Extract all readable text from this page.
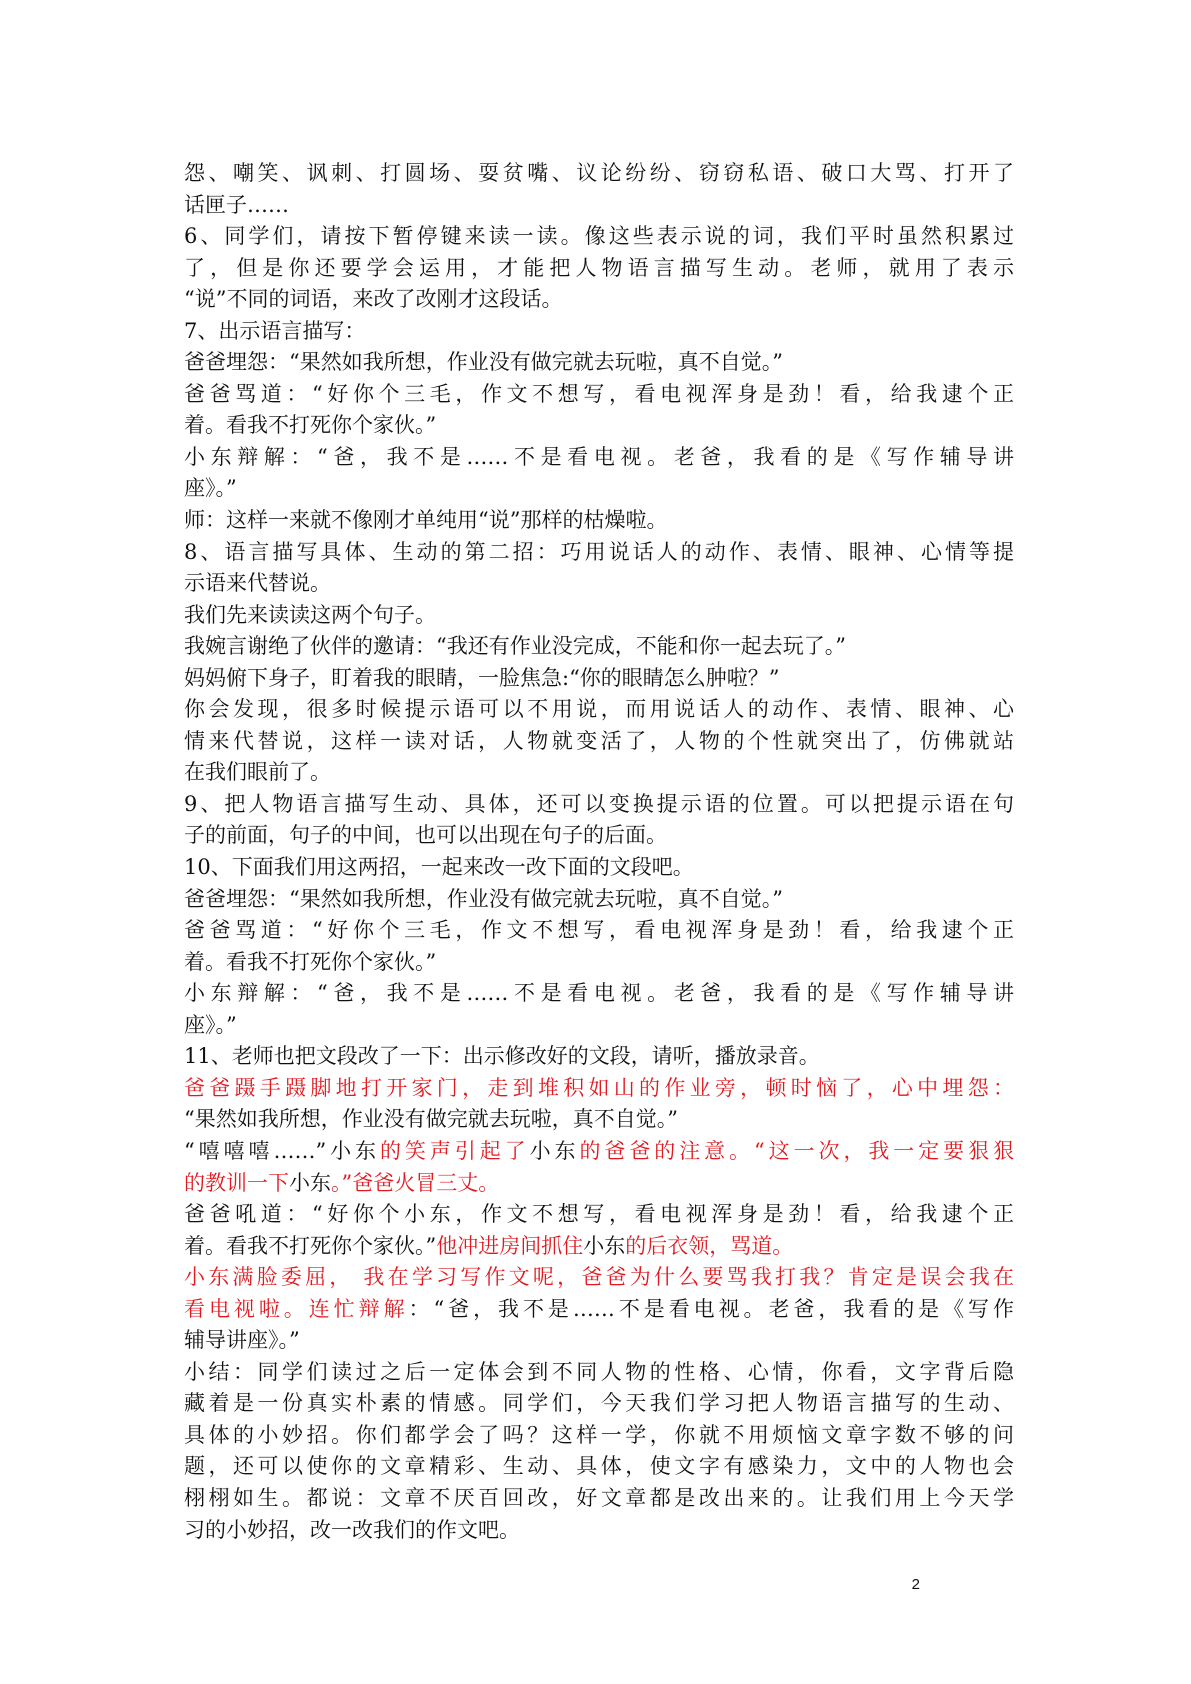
怨、嘲笑、讽刺、打圆场、耍贫嘴、议论纷纷、窃窃私语、破口大骂、打开了
话匣子……
6、同学们，请按下暂停键来读一读。像这些表示说的词，我们平时虽然积累过
了，但是你还要学会运用，才能把人物语言描写生动。老师，就用了表示
“说”不同的词语，来改了改刚才这段话。
7、出示语言描写：
爸爸埋怨：“果然如我所想，作业没有做完就去玩啦，真不自觉。”
爸爸骂道：“好你个三毛，作文不想写，看电视浑身是劲！看，给我逮个正
着。看我不打死你个家伙。”
小东辩解：“爸，我不是……不是看电视。老爸，我看的是《写作辅导讲
座》。”
师：这样一来就不像刚才单纯用“说”那样的枯燥啦。
8、语言描写具体、生动的第二招：巧用说话人的动作、表情、眼神、心情等提
示语来代替说。
我们先来读读这两个句子。
我婉言谢绝了伙伴的邀请：“我还有作业没完成，不能和你一起去玩了。”
妈妈俯下身子，盯着我的眼睛，一脸焦急:“你的眼睛怎么肿啦？”
你会发现，很多时候提示语可以不用说，而用说话人的动作、表情、眼神、心
情来代替说，这样一读对话，人物就变活了，人物的个性就突出了，仿佛就站
在我们眼前了。
9、把人物语言描写生动、具体，还可以变换提示语的位置。可以把提示语在句
子的前面，句子的中间，也可以出现在句子的后面。
10、下面我们用这两招，一起来改一改下面的文段吧。
爸爸埋怨：“果然如我所想，作业没有做完就去玩啦，真不自觉。”
爸爸骂道：“好你个三毛，作文不想写，看电视浑身是劲！看，给我逮个正
着。看我不打死你个家伙。”
小东辩解：“爸，我不是……不是看电视。老爸，我看的是《写作辅导讲
座》。”
11、老师也把文段改了一下：出示修改好的文段，请听，播放录音。
爸爸蹑手蹑脚地打开家门，走到堆积如山的作业旁，顿时恼了，心中埋怨：
“果然如我所想，作业没有做完就去玩啦，真不自觉。”
“嘻嘻嘻……”小东的笑声引起了小东的爸爸的注意。“这一次，我一定要狠狠
的教训一下小东。”爸爸火冒三丈。
爸爸吼道：“好你个小东，作文不想写，看电视浑身是劲！看，给我逮个正
着。看我不打死你个家伙。”他冲进房间抓住小东的后衣领，骂道。
小东满脸委屈， 我在学习写作文呢，爸爸为什么要骂我打我？肯定是误会我在
看电视啦。连忙辩解：“爸，我不是……不是看电视。老爸，我看的是《写作
辅导讲座》。”
小结：同学们读过之后一定体会到不同人物的性格、心情，你看，文字背后隐
藏着是一份真实朴素的情感。同学们，今天我们学习把人物语言描写的生动、
具体的小妙招。你们都学会了吗？这样一学，你就不用烦恼文章字数不够的问
题，还可以使你的文章精彩、生动、具体，使文字有感染力，文中的人物也会
栩栩如生。都说：文章不厌百回改，好文章都是改出来的。让我们用上今天学
习的小妙招，改一改我们的作文吧。
2
